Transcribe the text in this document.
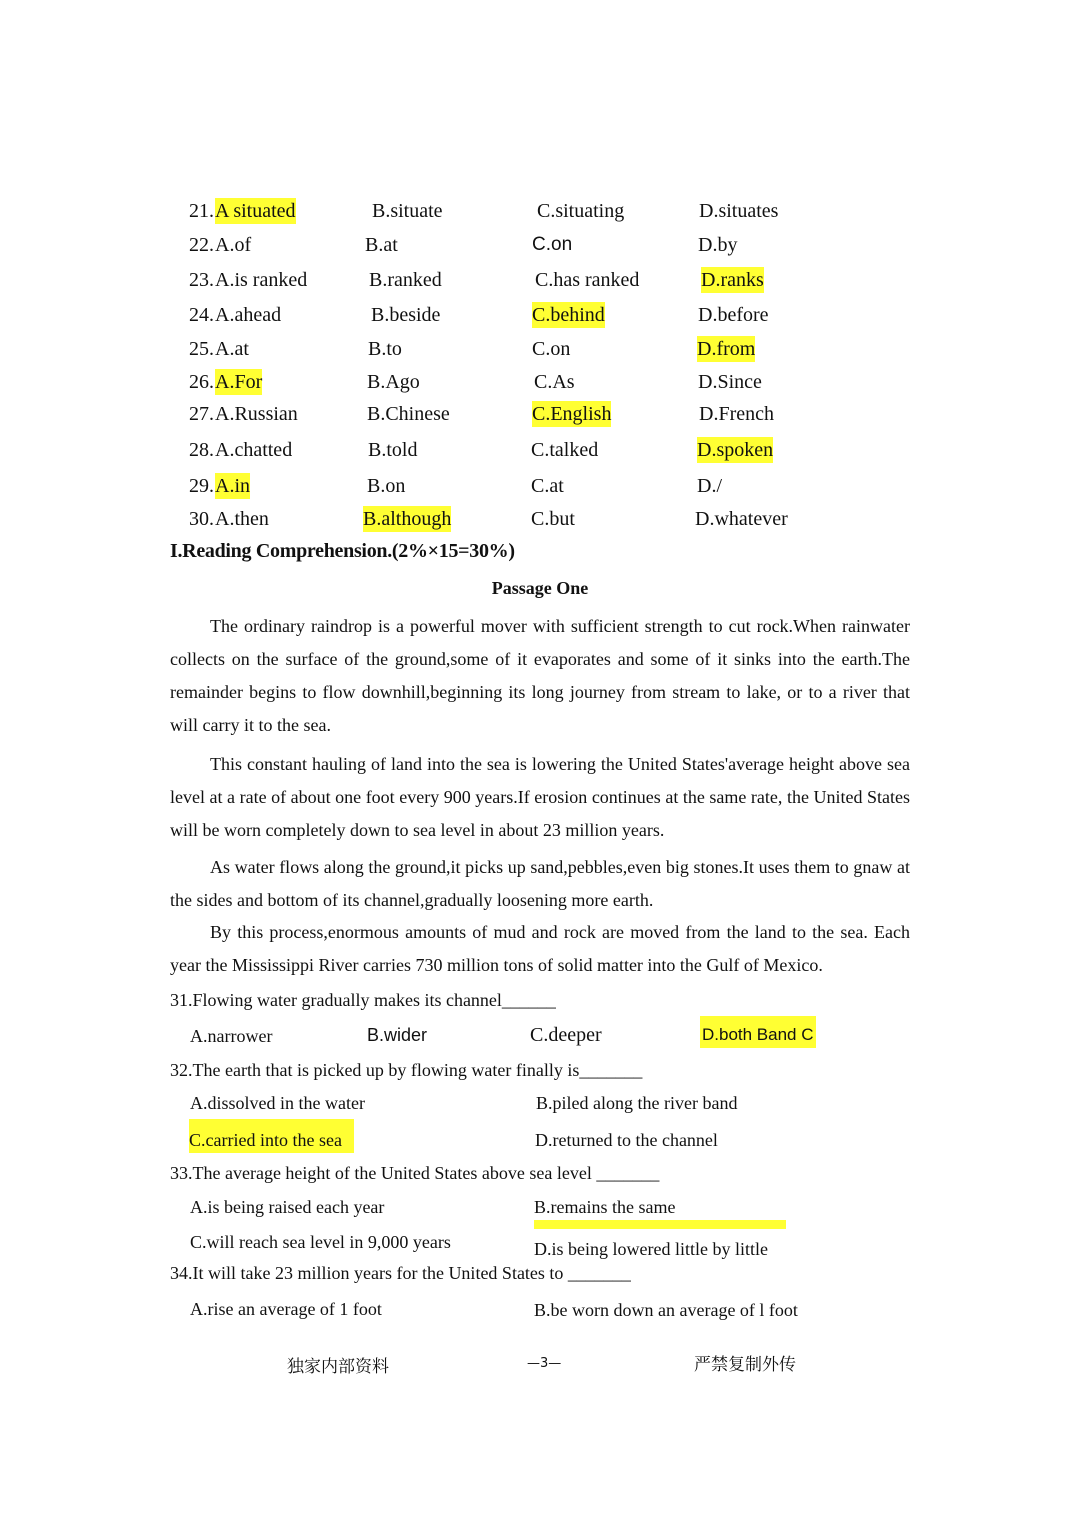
21. A situated	B.situate	C.situating	D.situates
22. A.of	B.at	C.on	D.by
23. A.is ranked	B.ranked	C.has ranked	D.ranks
24. A.ahead	B.beside	C.behind	D.before
25. A.at	B.to	C.on	D.from
26. A.For	B.Ago	C.As	D.Since
27. A.Russian	B.Chinese	C.English	D.French
28. A.chatted	B.told	C.talked	D.spoken
29. A.in	B.on	C.at	D./
30. A.then	B.although	C.but	D.whatever
I.Reading Comprehension.(2%×15=30%)
Passage One
The ordinary raindrop is a powerful mover with sufficient strength to cut rock.When rainwater collects on the surface of the ground,some of it evaporates and some of it sinks into the earth.The remainder begins to flow downhill,beginning its long journey from stream to lake, or to a river that will carry it to the sea.
This constant hauling of land into the sea is lowering the United States'average height above sea level at a rate of about one foot every 900 years.If erosion continues at the same rate, the United States will be worn completely down to sea level in about 23 million years.
As water flows along the ground,it picks up sand,pebbles,even big stones.It uses them to gnaw at the sides and bottom of its channel,gradually loosening more earth.
By this process,enormous amounts of mud and rock are moved from the land to the sea. Each year the Mississippi River carries 730 million tons of solid matter into the Gulf of Mexico.
31.Flowing water gradually makes its channel______
A.narrower	B.wider	C.deeper	D.both Band C
32.The earth that is picked up by flowing water finally is_______
A.dissolved in the water	B.piled along the river band
C.carried into the sea	D.returned to the channel
33.The average height of the United States above sea level _______
A.is being raised each year	B.remains the same
C.will reach sea level in 9,000 years	D.is being lowered little by little
34.It will take 23 million years for the United States to _______
A.rise an average of 1 foot	B.be worn down an average of l foot
独家内部资料	—3—	严禁复制外传
